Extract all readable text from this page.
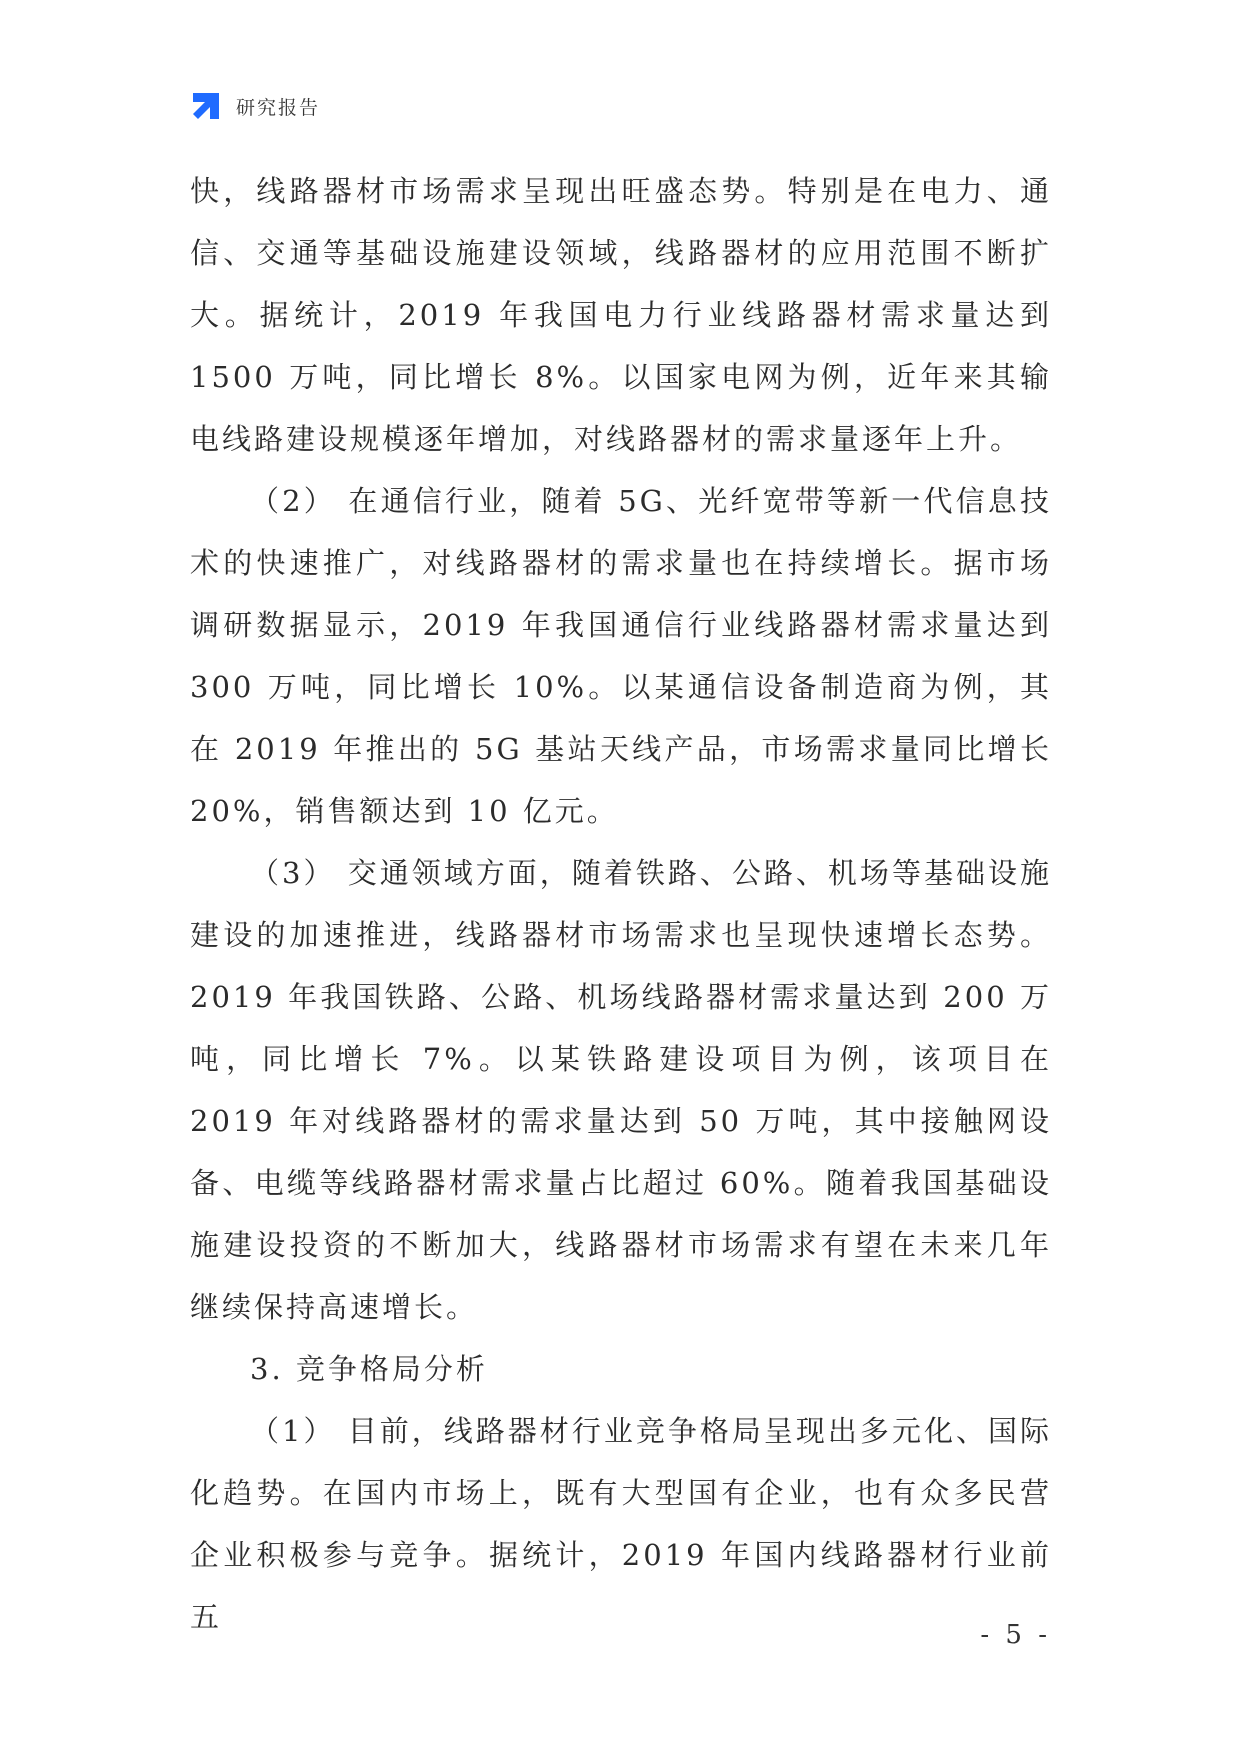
研究报告

快，线路器材市场需求呈现出旺盛态势。特别是在电力、通信、交通等基础设施建设领域，线路器材的应用范围不断扩大。据统计，2019 年我国电力行业线路器材需求量达到 1500 万吨，同比增长 8%。以国家电网为例，近年来其输电线路建设规模逐年增加，对线路器材的需求量逐年上升。

（2） 在通信行业，随着 5G、光纤宽带等新一代信息技术的快速推广，对线路器材的需求量也在持续增长。据市场调研数据显示，2019 年我国通信行业线路器材需求量达到 300 万吨，同比增长 10%。以某通信设备制造商为例，其在 2019 年推出的 5G 基站天线产品，市场需求量同比增长 20%，销售额达到 10 亿元。

（3） 交通领域方面，随着铁路、公路、机场等基础设施建设的加速推进，线路器材市场需求也呈现快速增长态势。2019 年我国铁路、公路、机场线路器材需求量达到 200 万吨，同比增长 7%。以某铁路建设项目为例，该项目在 2019 年对线路器材的需求量达到 50 万吨，其中接触网设备、电缆等线路器材需求量占比超过 60%。随着我国基础设施建设投资的不断加大，线路器材市场需求有望在未来几年继续保持高速增长。

3. 竞争格局分析

（1） 目前，线路器材行业竞争格局呈现出多元化、国际化趋势。在国内市场上，既有大型国有企业，也有众多民营企业积极参与竞争。据统计，2019 年国内线路器材行业前五

- 5 -
